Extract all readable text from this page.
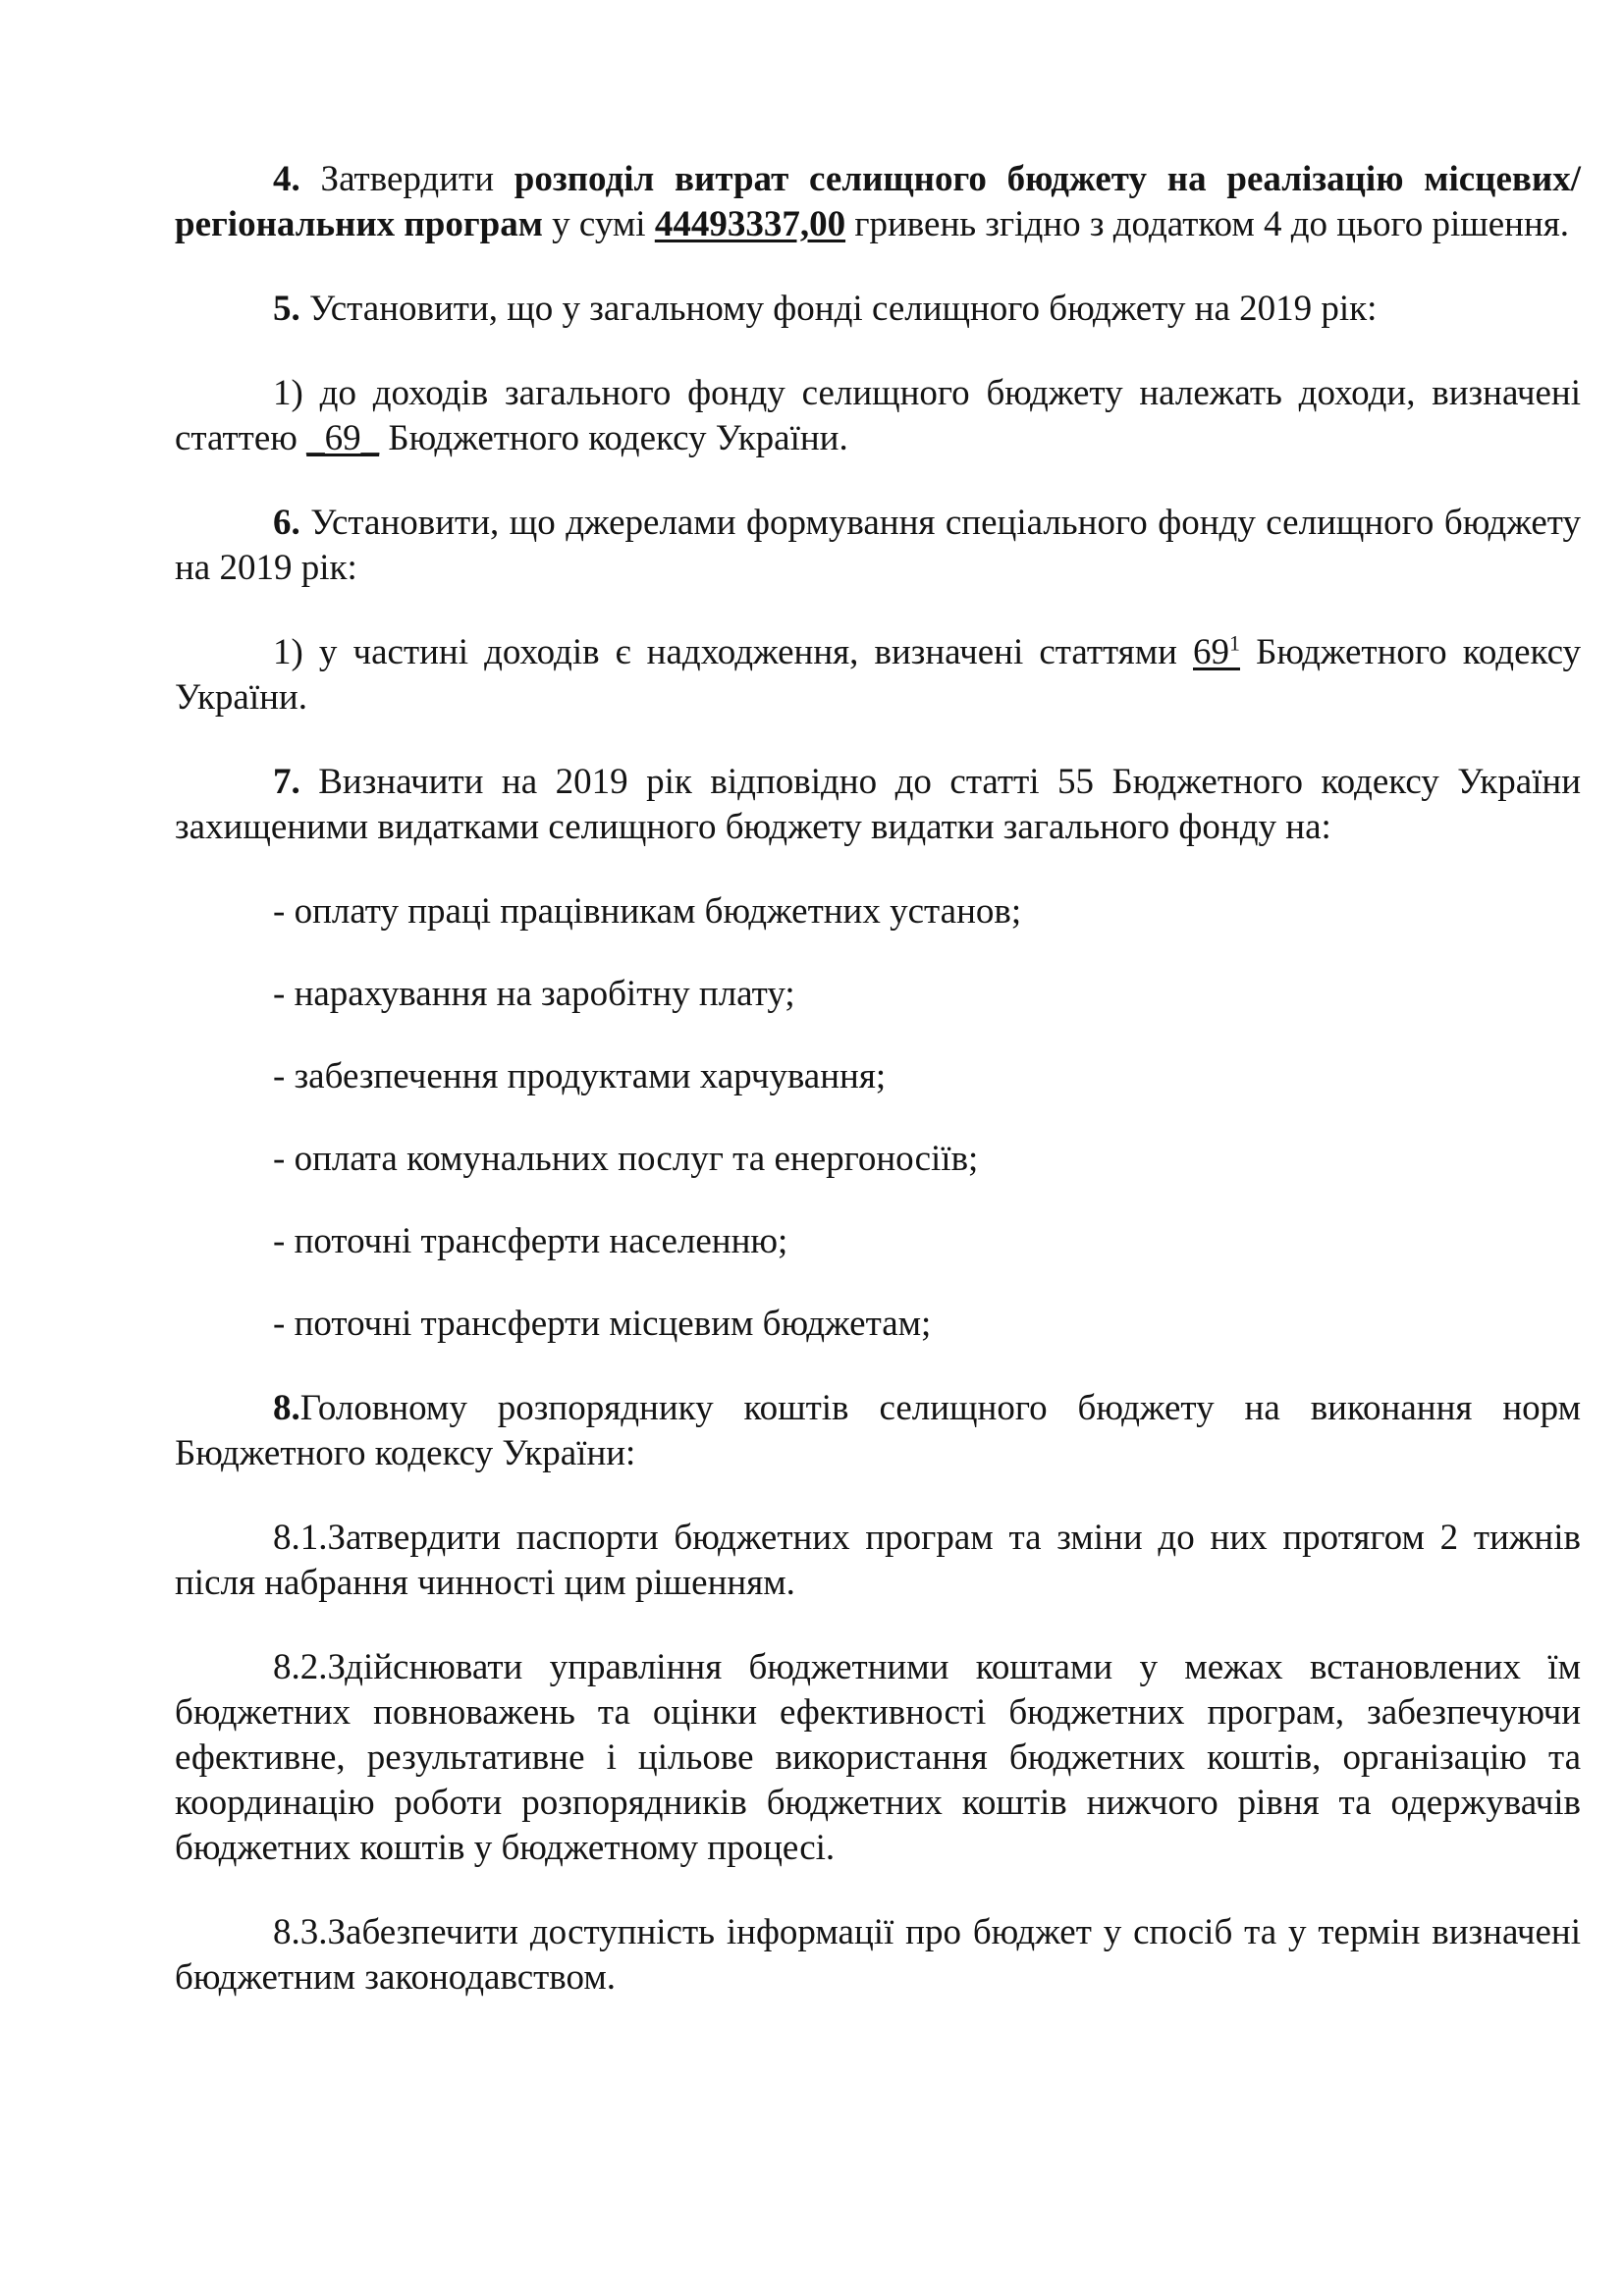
4. Затвердити розподіл витрат селищного бюджету на реалізацію місцевих/регіональних програм у сумі 44493337,00 гривень згідно з додатком 4 до цього рішення.

5. Установити, що у загальному фонді селищного бюджету на 2019 рік:

1) до доходів загального фонду селищного бюджету належать доходи, визначені статтею _69_ Бюджетного кодексу України.

6. Установити, що джерелами формування спеціального фонду селищного бюджету на 2019 рік:

1) у частині доходів є надходження, визначені статтями $69^1$ Бюджетного кодексу України.

7. Визначити на 2019 рік відповідно до статті 55 Бюджетного кодексу України захищеними видатками селищного бюджету видатки загального фонду на:

- оплату праці працівникам бюджетних установ;

- нарахування на заробітну плату;

- забезпечення продуктами харчування;

- оплата комунальних послуг та енергоносіїв;

- поточні трансферти населенню;

- поточні трансферти місцевим бюджетам;

8.Головному розпоряднику коштів селищного бюджету на виконання норм Бюджетного кодексу України:

8.1.Затвердити паспорти бюджетних програм та зміни до них протягом 2 тижнів після набрання чинності цим рішенням.

8.2.Здійснювати управління бюджетними коштами у межах встановлених їм бюджетних повноважень та оцінки ефективності бюджетних програм, забезпечуючи ефективне, результативне і цільове використання бюджетних коштів, організацію та координацію роботи розпорядників бюджетних коштів нижчого рівня та одержувачів бюджетних коштів у бюджетному процесі.

8.3.Забезпечити доступність інформації про бюджет у спосіб та у термін визначені бюджетним законодавством.
